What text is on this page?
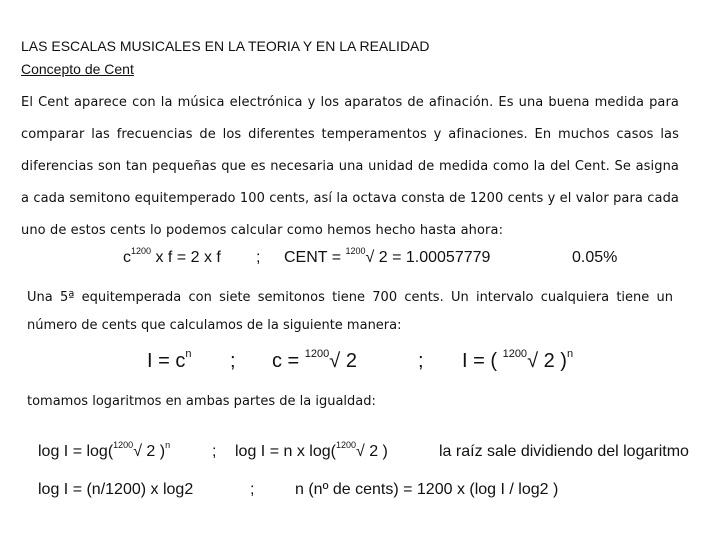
LAS ESCALAS MUSICALES EN LA TEORIA Y EN LA REALIDAD
Concepto de Cent
El Cent aparece con la música electrónica y los aparatos de afinación. Es una buena medida para comparar las frecuencias de los diferentes temperamentos y afinaciones. En muchos casos las diferencias son tan pequeñas que es necesaria una unidad de medida como la del Cent. Se asigna a cada semitono equitemperado 100 cents, así la octava consta de 1200 cents y el valor para cada uno de estos cents lo podemos calcular como hemos hecho hasta ahora:
$c^{1200}$ x f = 2 x f ; CENT = $^{1200}$√ 2 = 1.00057779	0.05%
Una 5ª equitemperada con siete semitonos tiene 700 cents. Un intervalo cualquiera tiene un número de cents que calculamos de la siguiente manera:
$I = c^n$ ; c = $^{1200}$√ 2	; I = ( $^{1200}$√ 2 )$^n$
tomamos logaritmos en ambas partes de la igualdad:
log I = log($^{1200}$√ 2 )$^n$	; log I = n x log($^{1200}$√ 2 )	la raíz sale dividiendo del logaritmo
log I = (n/1200) x log2	;	n (nº de cents) = 1200 x (log I / log2 )
